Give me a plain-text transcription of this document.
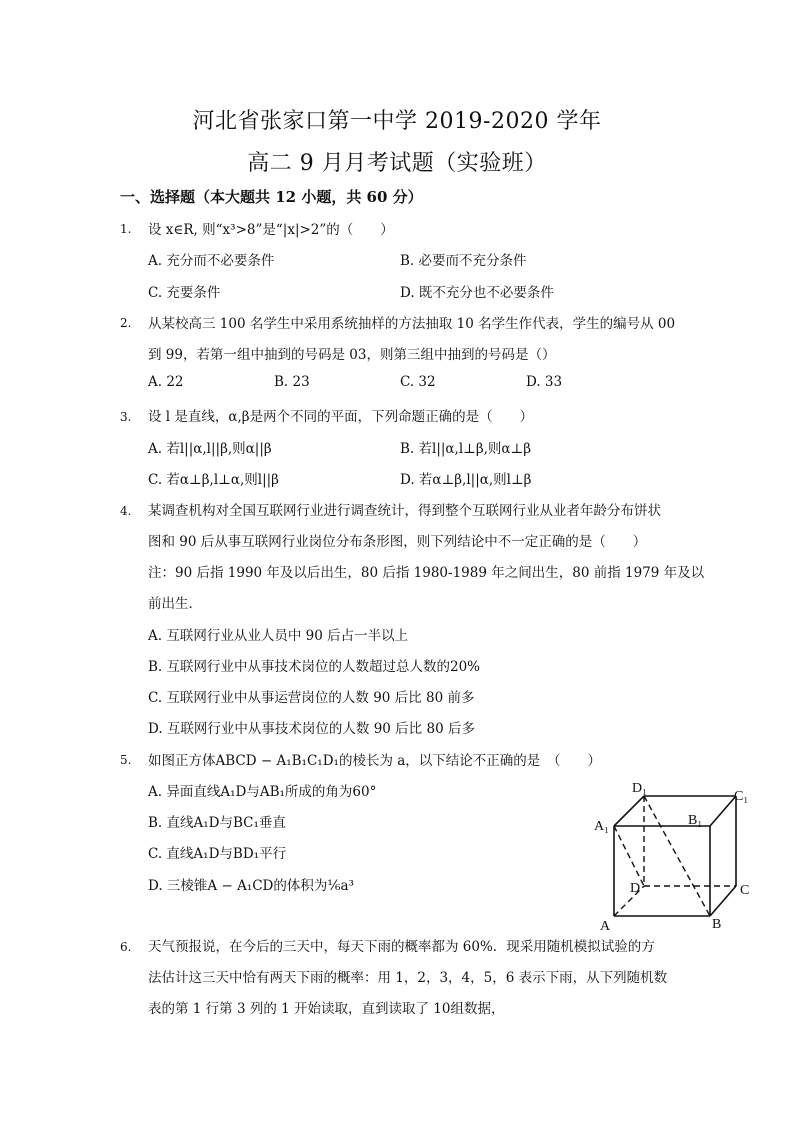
河北省张家口第一中学 2019-2020 学年
高二 9 月月考试题（实验班）
一、选择题（本大题共 12 小题，共 60 分）
1. 设 x∈R, 则“x³>8”是“|x|>2”的（　　）
A. 充分而不必要条件	B. 必要而不充分条件
C. 充要条件	D. 既不充分也不必要条件
2. 从某校高三 100 名学生中采用系统抽样的方法抽取 10 名学生作代表，学生的编号从 00
到 99，若第一组中抽到的号码是 03，则第三组中抽到的号码是（）
A. 22	B. 23	C. 32	D. 33
3. 设 l 是直线，α,β是两个不同的平面，下列命题正确的是（　　）
A. 若l||α,l||β,则α||β	B. 若l||α,l⊥β,则α⊥β
C. 若α⊥β,l⊥α,则l||β	D. 若α⊥β,l||α,则l⊥β
4. 某调查机构对全国互联网行业进行调查统计，得到整个互联网行业从业者年龄分布饼状
图和 90 后从事互联网行业岗位分布条形图，则下列结论中不一定正确的是（　　）
注：90 后指 1990 年及以后出生，80 后指 1980-1989 年之间出生，80 前指 1979 年及以
前出生．
A. 互联网行业从业人员中 90 后占一半以上
B. 互联网行业中从事技术岗位的人数超过总人数的20%
C. 互联网行业中从事运营岗位的人数 90 后比 80 前多
D. 互联网行业中从事技术岗位的人数 90 后比 80 后多
5. 如图正方体ABCD − A₁B₁C₁D₁的棱长为 a，以下结论不正确的是　（　　）
A. 异面直线A₁D与AB₁所成的角为60°
B. 直线A₁D与BC₁垂直
C. 直线A₁D与BD₁平行
D. 三棱锥A − A₁CD的体积为⅙a³
A	B
C
D
A₁	B₁
C₁
D₁
6. 天气预报说，在今后的三天中，每天下雨的概率都为 60%．现采用随机模拟试验的方
法估计这三天中恰有两天下雨的概率：用 1，2，3，4，5，6 表示下雨，从下列随机数
表的第 1 行第 3 列的 1 开始读取，直到读取了 10组数据，
